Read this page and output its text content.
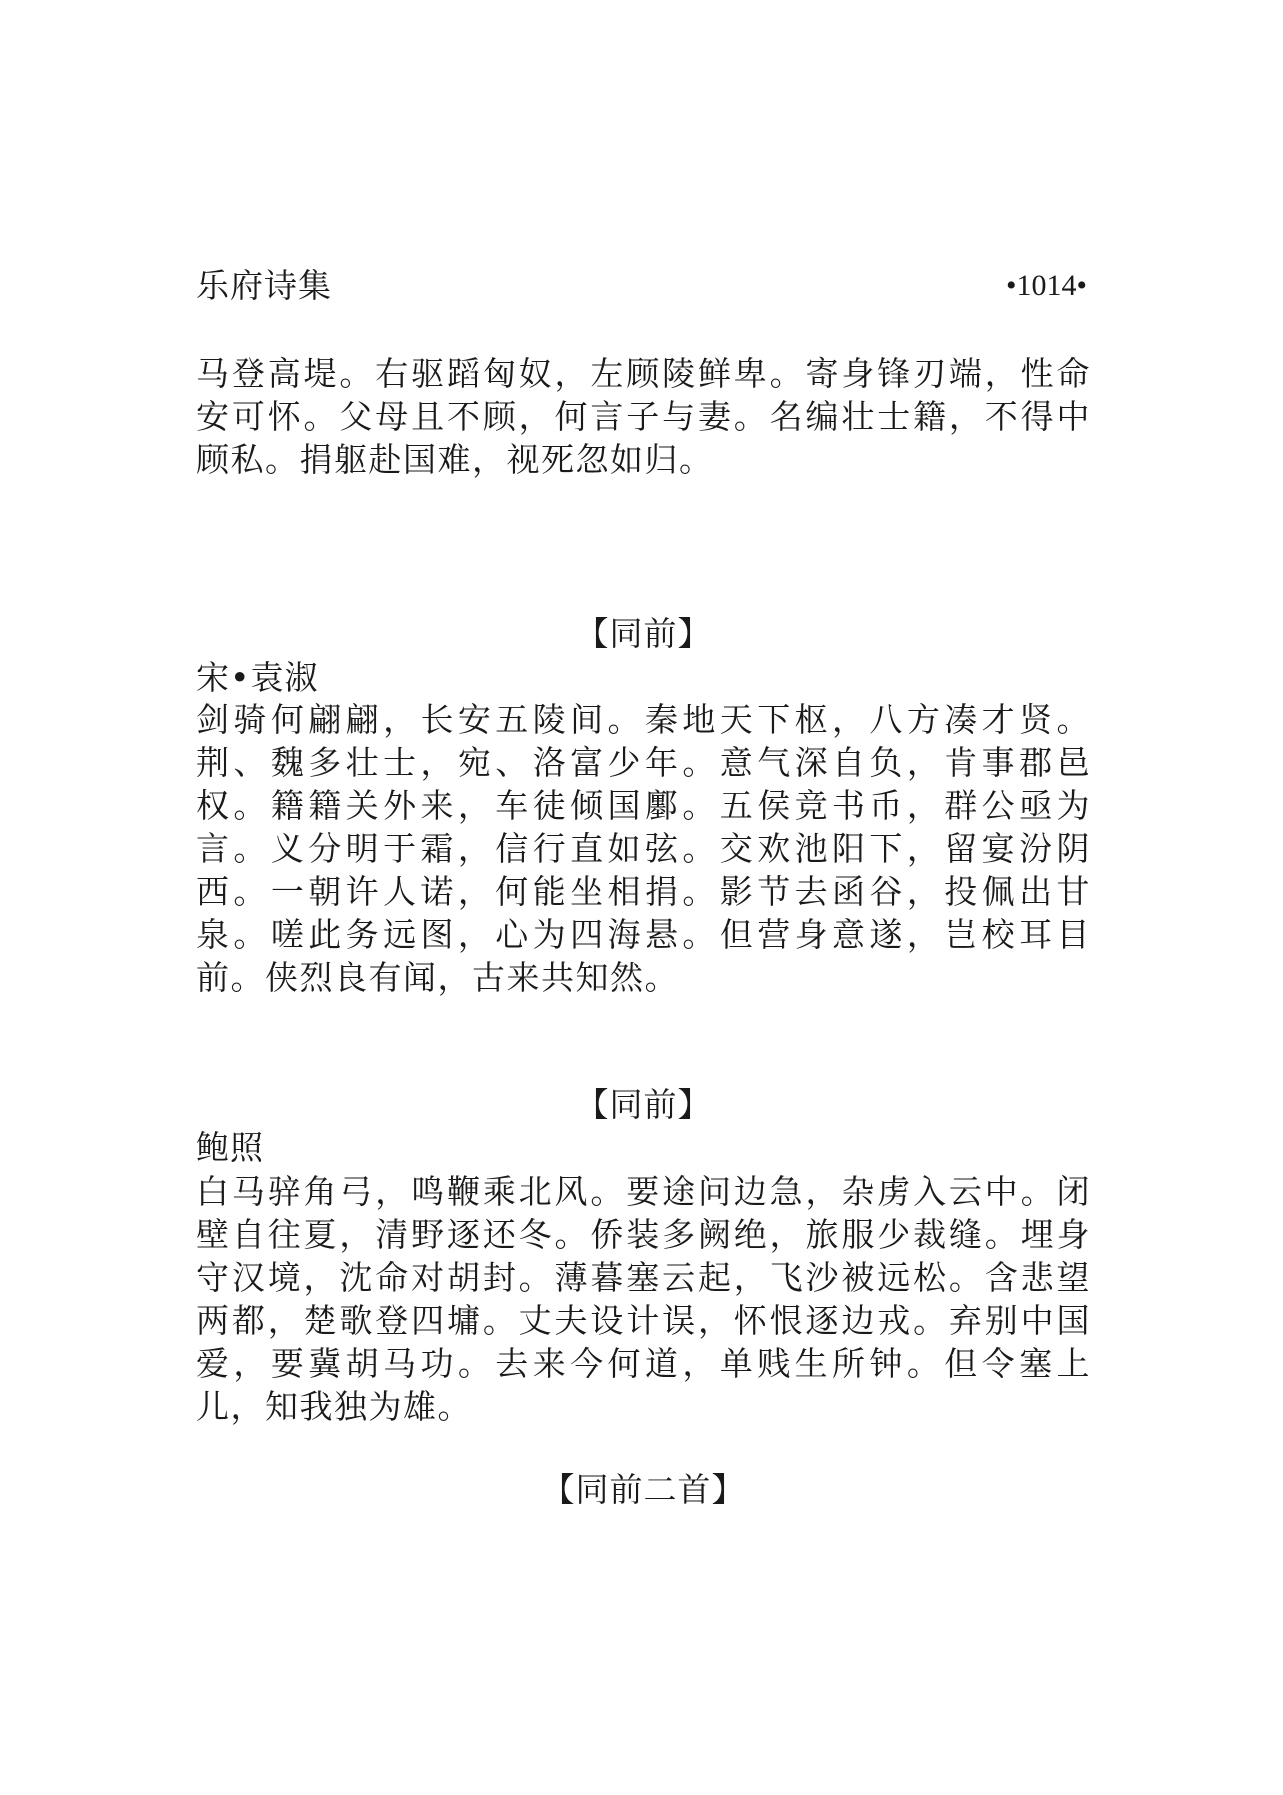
乐府诗集	•1014•

马登高堤。右驱蹈匈奴，左顾陵鲜卑。寄身锋刃端，性命安可怀。父母且不顾，何言子与妻。名编壮士籍，不得中顾私。捐躯赴国难，视死忽如归。

【同前】
宋•袁淑

剑骑何翩翩，长安五陵间。秦地天下枢，八方凑才贤。荆、魏多壮士，宛、洛富少年。意气深自负，肯事郡邑权。籍籍关外来，车徒倾国鄽。五侯竞书币，群公亟为言。义分明于霜，信行直如弦。交欢池阳下，留宴汾阴西。一朝许人诺，何能坐相捐。影节去函谷，投佩出甘泉。嗟此务远图，心为四海悬。但营身意遂，岂校耳目前。侠烈良有闻，古来共知然。

【同前】
鲍照

白马骍角弓，鸣鞭乘北风。要途问边急，杂虏入云中。闭壁自往夏，清野逐还冬。侨装多阙绝，旅服少裁缝。埋身守汉境，沈命对胡封。薄暮塞云起，飞沙被远松。含悲望两都，楚歌登四墉。丈夫设计误，怀恨逐边戎。弃别中国爱，要冀胡马功。去来今何道，单贱生所钟。但令塞上儿，知我独为雄。

【同前二首】
